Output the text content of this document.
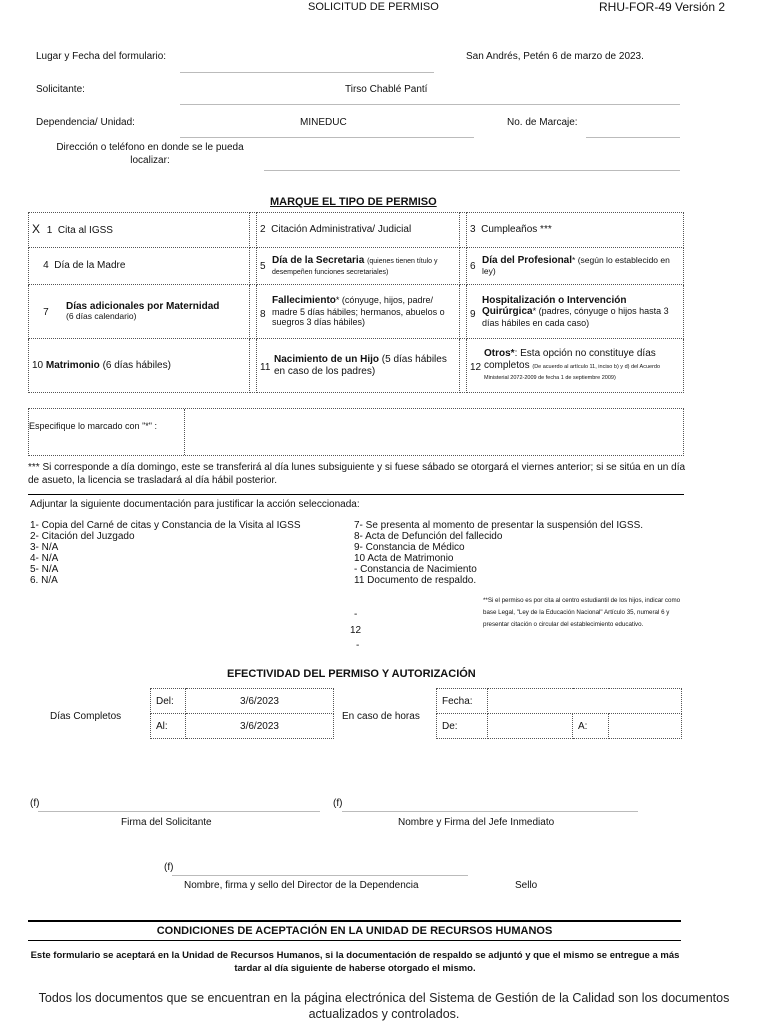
SOLICITUD DE PERMISO	RHU-FOR-49 Versión 2
Lugar y Fecha del formulario:	San Andrés, Petén 6 de marzo de 2023.
Solicitante:	Tirso Chablé Pantí
Dependencia/ Unidad:	MINEDUC	No. de Marcaje:
Dirección o teléfono en donde se le pueda
localizar:
MARQUE EL TIPO DE PERMISO
X 1 Cita al IGSS		2 Citación Administrativa/ Judicial		3 Cumpleaños ***
4 Día de la Madre		5
Día de la Secretaria (quienes tienen título y desempeñen funciones secretariales)		6
Día del Profesional* (según lo establecido en ley)

7
Días adicionales por Maternidad
(6 días calendario)		8
Fallecimiento* (cónyuge, hijos, padre/ madre 5 días hábiles; hermanos, abuelos o suegros 3 días hábiles)		9
Hospitalización o Intervención Quirúrgica* (padres, cónyuge o hijos hasta 3 días hábiles en cada caso)

10 Matrimonio (6 días hábiles)		11
Nacimiento de un Hijo (5 días hábiles en caso de los padres)		12
Otros*: Esta opción no constituye días completos (De acuerdo al artículo 11, inciso b) y d) del Acuerdo Ministerial 2072-2009 de fecha 1 de septiembre 2009)
Especifique lo marcado con "*" :
*** Si corresponde a día domingo, este se transferirá al día lunes subsiguiente y si fuese sábado se otorgará el viernes anterior; si se sitúa en un día de asueto, la licencia se trasladará al día hábil posterior.
Adjuntar la siguiente documentación para justificar la acción seleccionada:
1- Copia del Carné de citas y Constancia de la Visita al IGSS
2- Citación del Juzgado
3- N/A
4- N/A
5- N/A
6. N/A
7- Se presenta al momento de presentar la suspensión del IGSS.
8- Acta de Defunción del fallecido
9- Constancia de Médico
10 Acta de Matrimonio
- Constancia de Nacimiento
11 Documento de respaldo.
**Si el permiso es por cita al centro estudiantil de los hijos, indicar como base Legal, "Ley de la Educación Nacional" Artículo 35, numeral 6 y presentar citación o circular del establecimiento educativo.
-
12
-
EFECTIVIDAD DEL PERMISO Y AUTORIZACIÓN
Días Completos
Del:	3/6/2023
Al:	3/6/2023
En caso de horas
Fecha:			
De:		A:	
(f)
Firma del Solicitante
(f)
Nombre y Firma del Jefe Inmediato
(f)
Nombre, firma y sello del Director de la Dependencia	Sello
CONDICIONES DE ACEPTACIÓN EN LA UNIDAD DE RECURSOS HUMANOS
Este formulario se aceptará en la Unidad de Recursos Humanos, si la documentación de respaldo se adjuntó y que el mismo se entregue a más tardar al día siguiente de haberse otorgado el mismo.
Todos los documentos que se encuentran en la página electrónica del Sistema de Gestión de la Calidad son los documentos actualizados y controlados.
